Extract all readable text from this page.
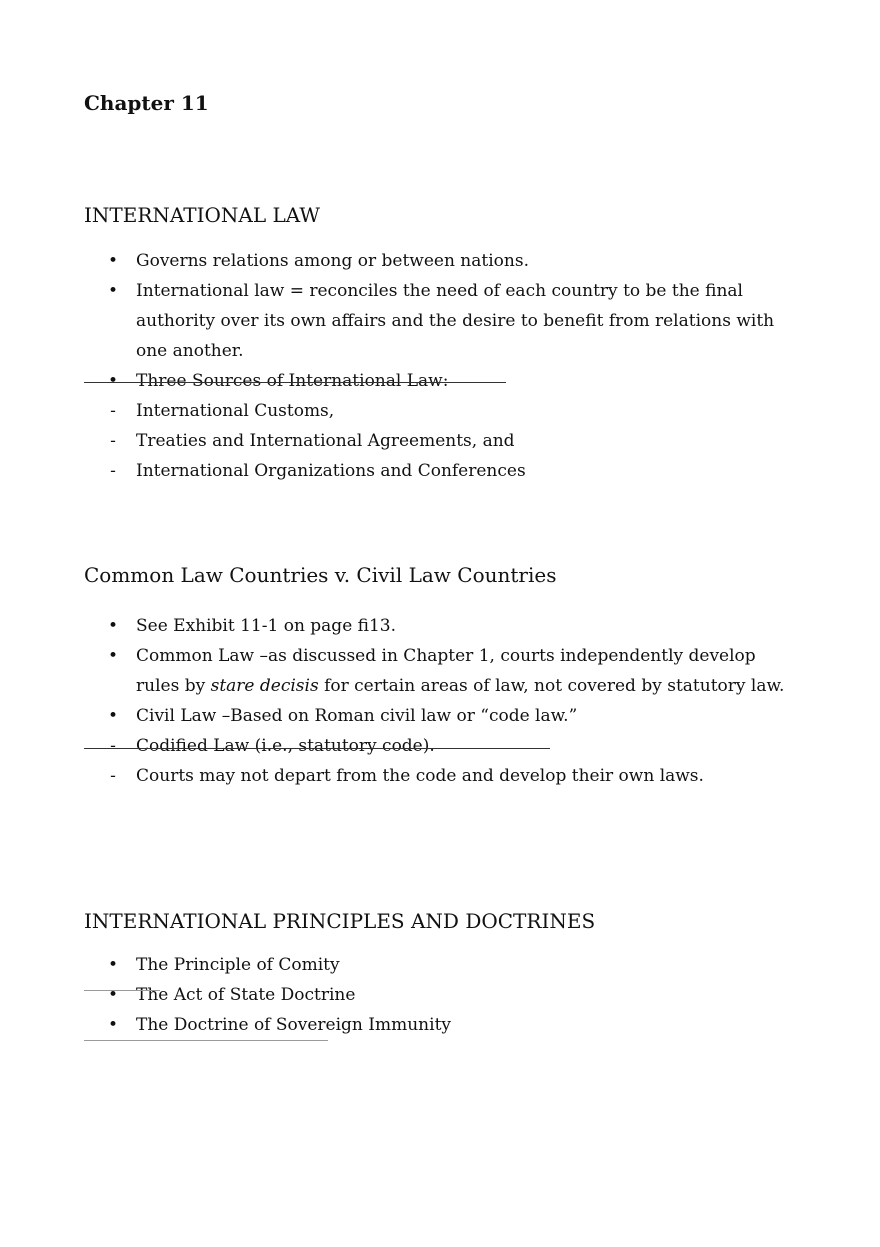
Chapter 11
INTERNATIONAL LAW
• Governs relations among or between nations.
• International law = reconciles the need of each country to be the final
authority over its own affairs and the desire to benefit from relations with
one another.
• Three Sources of International Law:
- International Customs,
- Treaties and International Agreements, and
- International Organizations and Conferences
Common Law Countries v. Civil Law Countries
• See Exhibit 11-1 on page fi13.
• Common Law –as discussed in Chapter 1, courts independently develop
rules by stare decisis for certain areas of law, not covered by statutory law.
• Civil Law –Based on Roman civil law or “code law.”
- Codified Law (i.e., statutory code).
- Courts may not depart from the code and develop their own laws.
INTERNATIONAL PRINCIPLES AND DOCTRINES
• The Principle of Comity
• The Act of State Doctrine
• The Doctrine of Sovereign Immunity
